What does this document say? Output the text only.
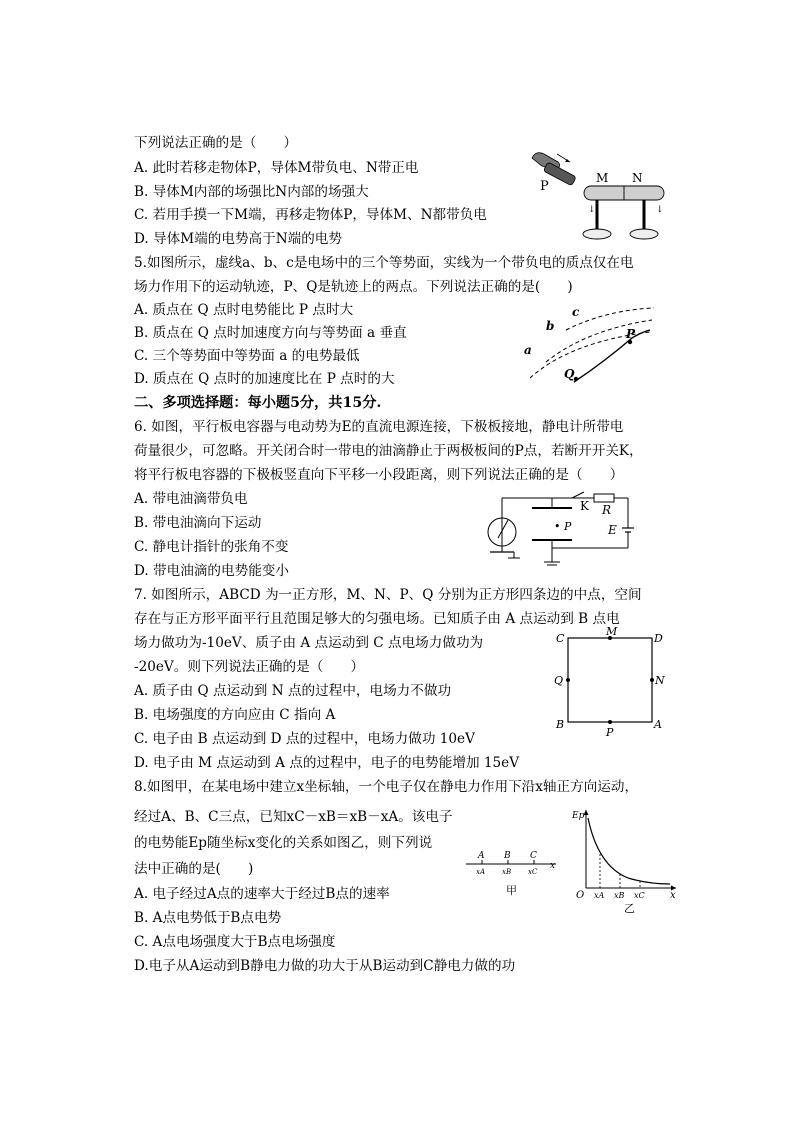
下列说法正确的是（　　）
A. 此时若移走物体P，导体M带负电、N带正电
B. 导体M内部的场强比N内部的场强大
C. 若用手摸一下M端，再移走物体P，导体M、N都带负电
D. 导体M端的电势高于N端的电势
P
M N
↓	↓
5.如图所示，虚线a、b、c是电场中的三个等势面，实线为一个带负电的质点仅在电
场力作用下的运动轨迹，P、Q是轨迹上的两点。下列说法正确的是(　　)
A. 质点在 Q 点时电势能比 P 点时大
B. 质点在 Q 点时加速度方向与等势面 a 垂直
C. 三个等势面中等势面 a 的电势最低
D. 质点在 Q 点时的加速度比在 P 点时的大
a
b
c
P
Q
二、多项选择题：每小题5分，共15分.
6. 如图，平行板电容器与电动势为E的直流电源连接，下极板接地，静电计所带电
荷量很少，可忽略。开关闭合时一带电的油滴静止于两极板间的P点，若断开开关K，
将平行板电容器的下极板竖直向下平移一小段距离，则下列说法正确的是（　　）
A. 带电油滴带负电
B. 带电油滴向下运动
C. 静电计指针的张角不变
D. 带电油滴的电势能变小
K R
E
• P
7. 如图所示，ABCD 为一正方形，M、N、P、Q 分别为正方形四条边的中点，空间
存在与正方形平面平行且范围足够大的匀强电场。已知质子由 A 点运动到 B 点电
场力做功为-10eV、质子由 A 点运动到 C 点电场力做功为
-20eV。则下列说法正确的是（　　）
A. 质子由 Q 点运动到 N 点的过程中，电场力不做功
B. 电场强度的方向应由 C 指向 A
C. 电子由 B 点运动到 D 点的过程中，电场力做功 10eV
D. 电子由 M 点运动到 A 点的过程中，电子的电势能增加 15eV
C	D
B	A
M
P
Q	N
8.如图甲，在某电场中建立x坐标轴，一个电子仅在静电力作用下沿x轴正方向运动，
经过A、B、C三点，已知xC－xB＝xB－xA。该电子
的电势能Ep随坐标x变化的关系如图乙，则下列说
法中正确的是(　　)
A. 电子经过A点的速率大于经过B点的速率
B. A点电势低于B点电势
C. A点电场强度大于B点电场强度
D.电子从A运动到B静电力做的功大于从B运动到C静电力做的功
A B C
xA xB xC
x
甲
Ep
O xA xB xC	x
乙
